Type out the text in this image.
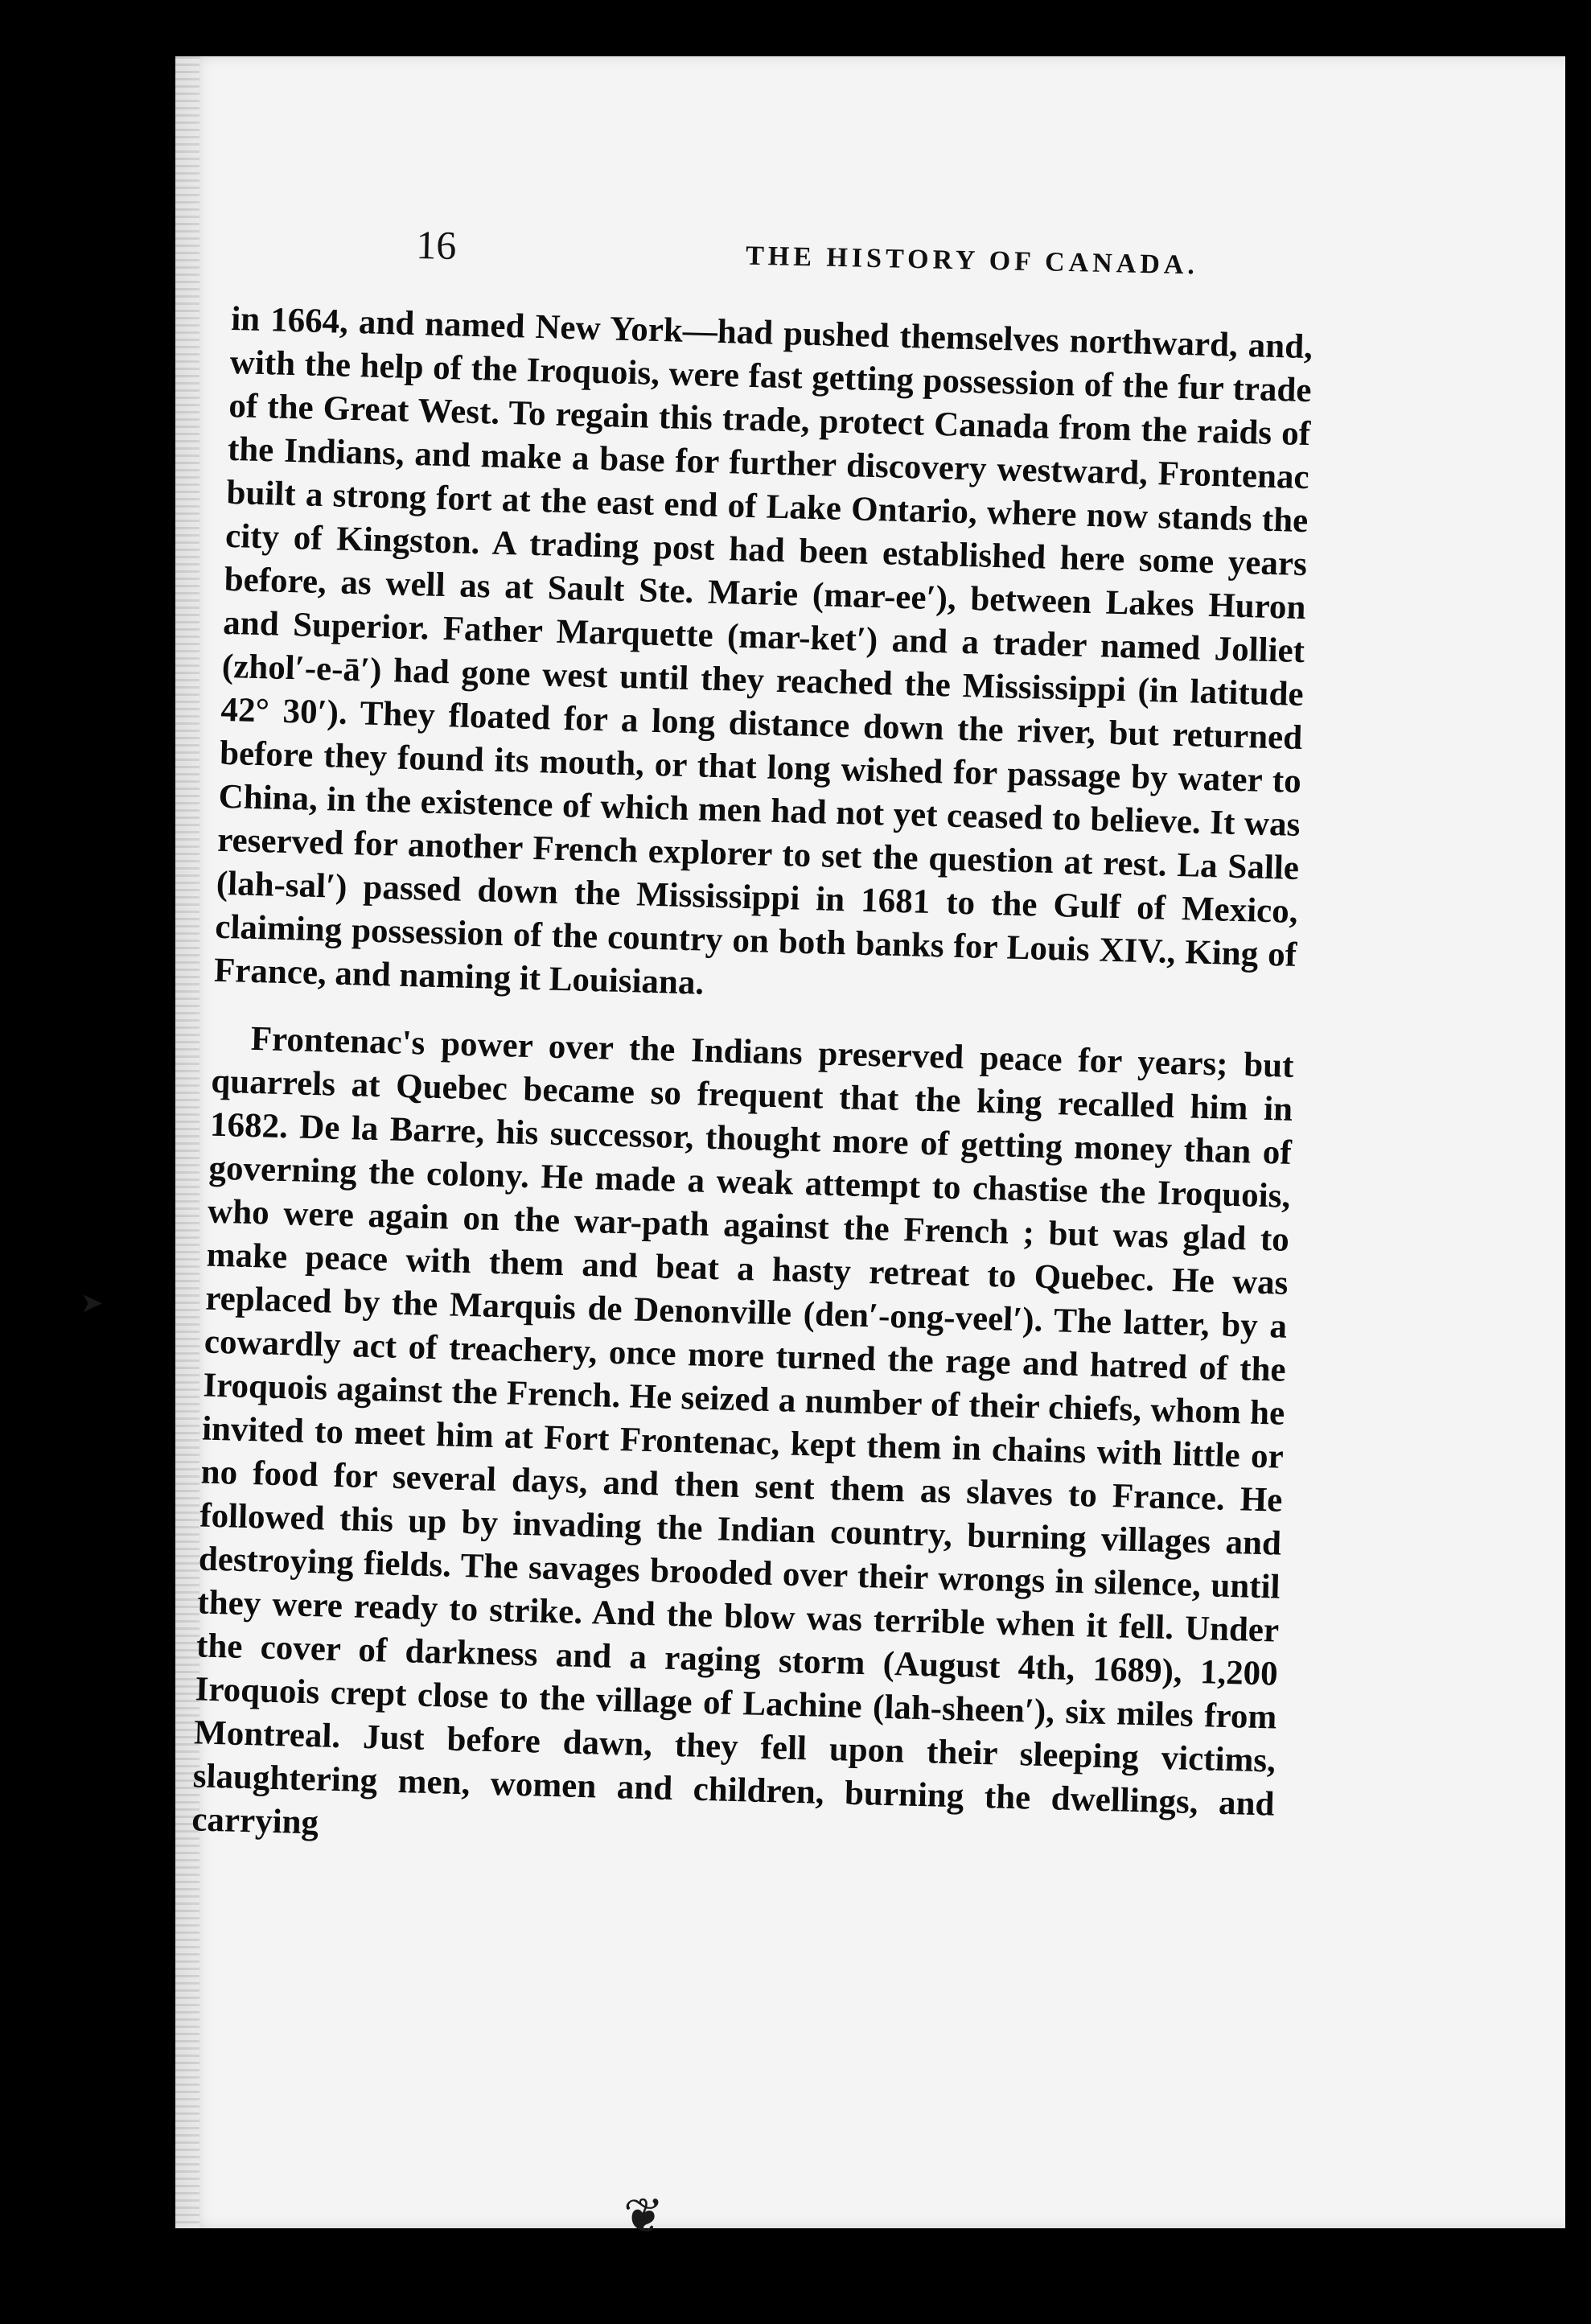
16	THE HISTORY OF CANADA.

in 1664, and named New York—had pushed themselves northward, and, with the help of the Iroquois, were fast getting possession of the fur trade of the Great West. To regain this trade, protect Canada from the raids of the Indians, and make a base for further discovery westward, Frontenac built a strong fort at the east end of Lake Ontario, where now stands the city of Kingston. A trading post had been established here some years before, as well as at Sault Ste. Marie (mar-ee′), between Lakes Huron and Superior. Father Marquette (mar-ket′) and a trader named Jolliet (zhol′-e-ā′) had gone west until they reached the Mississippi (in latitude 42° 30′). They floated for a long distance down the river, but returned before they found its mouth, or that long wished for passage by water to China, in the existence of which men had not yet ceased to believe. It was reserved for another French explorer to set the question at rest. La Salle (lah-sal′) passed down the Mississippi in 1681 to the Gulf of Mexico, claiming possession of the country on both banks for Louis XIV., King of France, and naming it Louisiana.

Frontenac's power over the Indians preserved peace for years; but quarrels at Quebec became so frequent that the king recalled him in 1682. De la Barre, his successor, thought more of getting money than of governing the colony. He made a weak attempt to chastise the Iroquois, who were again on the war-path against the French ; but was glad to make peace with them and beat a hasty retreat to Quebec. He was replaced by the Marquis de Denonville (den′-ong-veel′). The latter, by a cowardly act of treachery, once more turned the rage and hatred of the Iroquois against the French. He seized a number of their chiefs, whom he invited to meet him at Fort Frontenac, kept them in chains with little or no food for several days, and then sent them as slaves to France. He followed this up by invading the Indian country, burning villages and destroying fields. The savages brooded over their wrongs in silence, until they were ready to strike. And the blow was terrible when it fell. Under the cover of darkness and a raging storm (August 4th, 1689), 1,200 Iroquois crept close to the village of Lachine (lah-sheen′), six miles from Montreal. Just before dawn, they fell upon their sleeping victims, slaughtering men, women and children, burning the dwellings, and carrying

❦
➤
